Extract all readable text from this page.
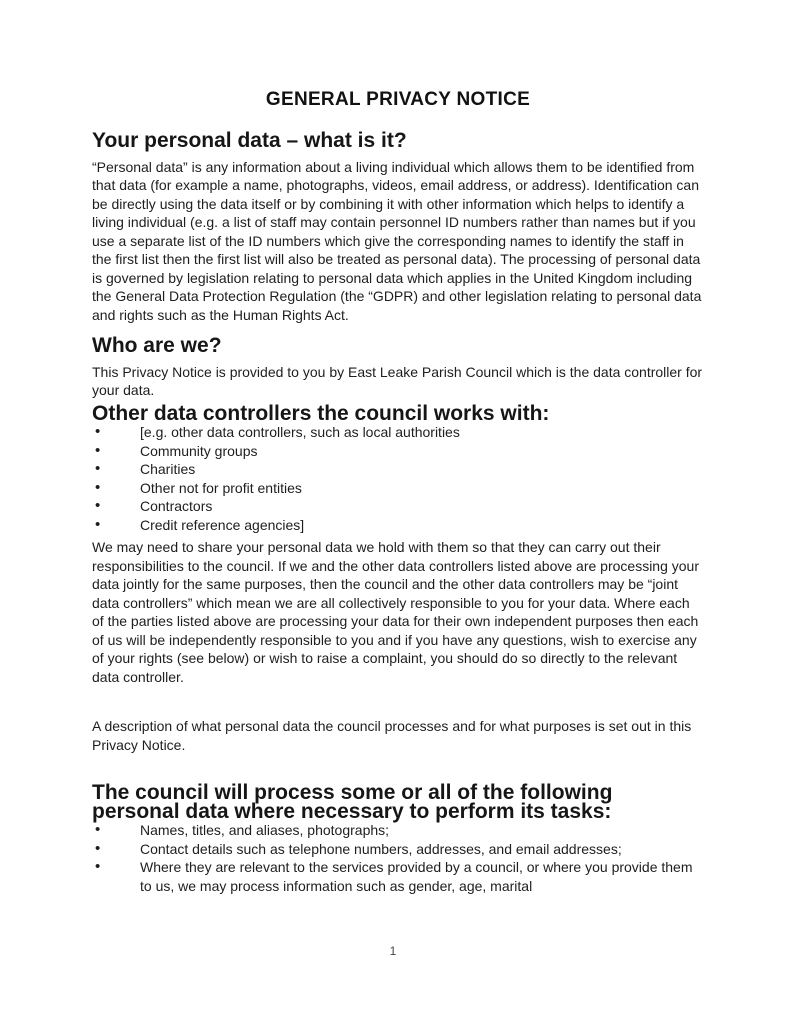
GENERAL PRIVACY NOTICE
Your personal data – what is it?

“Personal data” is any information about a living individual which allows them to be identified from that data (for example a name, photographs, videos, email address, or address). Identification can be directly using the data itself or by combining it with other information which helps to identify a living individual (e.g. a list of staff may contain personnel ID numbers rather than names but if you use a separate list of the ID numbers which give the corresponding names to identify the staff in the first list then the first list will also be treated as personal data). The processing of personal data is governed by legislation relating to personal data which applies in the United Kingdom including the General Data Protection Regulation (the “GDPR) and other legislation relating to personal data and rights such as the Human Rights Act.

Who are we?

This Privacy Notice is provided to you by East Leake Parish Council which is the data controller for your data.

Other data controllers the council works with:
• [e.g. other data controllers, such as local authorities
• Community groups
• Charities
• Other not for profit entities
• Contractors
• Credit reference agencies]

We may need to share your personal data we hold with them so that they can carry out their responsibilities to the council. If we and the other data controllers listed above are processing your data jointly for the same purposes, then the council and the other data controllers may be “joint data controllers” which mean we are all collectively responsible to you for your data. Where each of the parties listed above are processing your data for their own independent purposes then each of us will be independently responsible to you and if you have any questions, wish to exercise any of your rights (see below) or wish to raise a complaint, you should do so directly to the relevant data controller.

A description of what personal data the council processes and for what purposes is set out in this Privacy Notice.

The council will process some or all of the following personal data where necessary to perform its tasks:
• Names, titles, and aliases, photographs;
• Contact details such as telephone numbers, addresses, and email addresses;
• Where they are relevant to the services provided by a council, or where you provide them to us, we may process information such as gender, age, marital
1
